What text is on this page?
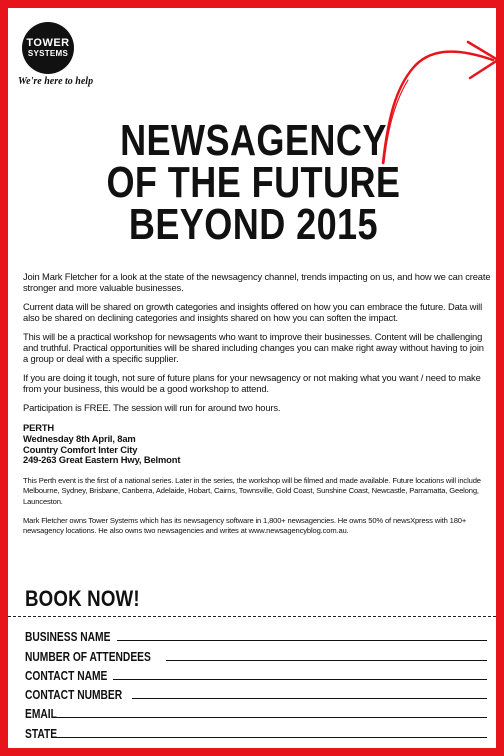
TOWER
SYSTEMS
We're here to help
NEWSAGENCY
OF THE FUTURE
BEYOND 2015

Join Mark Fletcher for a look at the state of the newsagency channel, trends impacting on us, and how we can create stronger and more valuable businesses.

Current data will be shared on growth categories and insights offered on how you can embrace the future. Data will also be shared on declining categories and insights shared on how you can soften the impact.

This will be a practical workshop for newsagents who want to improve their businesses. Content will be challenging and truthful. Practical opportunities will be shared including changes you can make right away without having to join a group or deal with a specific supplier.

If you are doing it tough, not sure of future plans for your newsagency or not making what you want / need to make from your business, this would be a good workshop to attend.

Participation is FREE. The session will run for around two hours.

PERTH
Wednesday 8th April, 8am
Country Comfort Inter City
249-263 Great Eastern Hwy, Belmont

This Perth event is the first of a national series. Later in the series, the workshop will be filmed and made available. Future locations will include Melbourne, Sydney, Brisbane, Canberra, Adelaide, Hobart, Cairns, Townsville, Gold Coast, Sunshine Coast, Newcastle, Parramatta, Geelong, Launceston.

Mark Fletcher owns Tower Systems which has its newsagency software in 1,800+ newsagencies. He owns 50% of newsXpress with 180+ newsagency locations. He also owns two newsagencies and writes at www.newsagencyblog.com.au.

BOOK NOW!
BUSINESS NAME
NUMBER OF ATTENDEES
CONTACT NAME
CONTACT NUMBER
EMAIL
STATE
